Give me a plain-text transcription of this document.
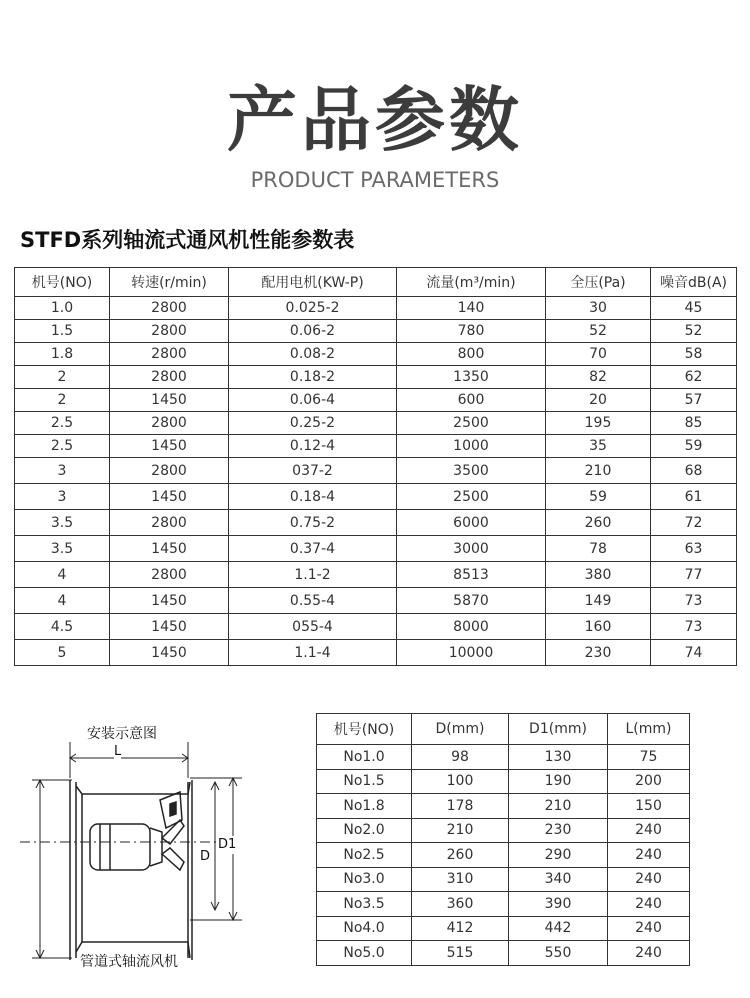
产品参数
PRODUCT PARAMETERS
STFD系列轴流式通风机性能参数表
机号(NO)	转速(r/min)	配用电机(KW-P)	流量(m³/min)	全压(Pa)	噪音dB(A)
1.0	2800	0.025-2	140	30	45
1.5	2800	0.06-2	780	52	52
1.8	2800	0.08-2	800	70	58
2	2800	0.18-2	1350	82	62
2	1450	0.06-4	600	20	57
2.5	2800	0.25-2	2500	195	85
2.5	1450	0.12-4	1000	35	59
3	2800	037-2	3500	210	68
3	1450	0.18-4	2500	59	61
3.5	2800	0.75-2	6000	260	72
3.5	1450	0.37-4	3000	78	63
4	2800	1.1-2	8513	380	77
4	1450	0.55-4	5870	149	73
4.5	1450	055-4	8000	160	73
5	1450	1.1-4	10000	230	74
安装示意图
L
D
D1
管道式轴流风机
机号(NO)	D(mm)	D1(mm)	L(mm)
No1.0	98	130	75
No1.5	100	190	200
No1.8	178	210	150
No2.0	210	230	240
No2.5	260	290	240
No3.0	310	340	240
No3.5	360	390	240
No4.0	412	442	240
No5.0	515	550	240
